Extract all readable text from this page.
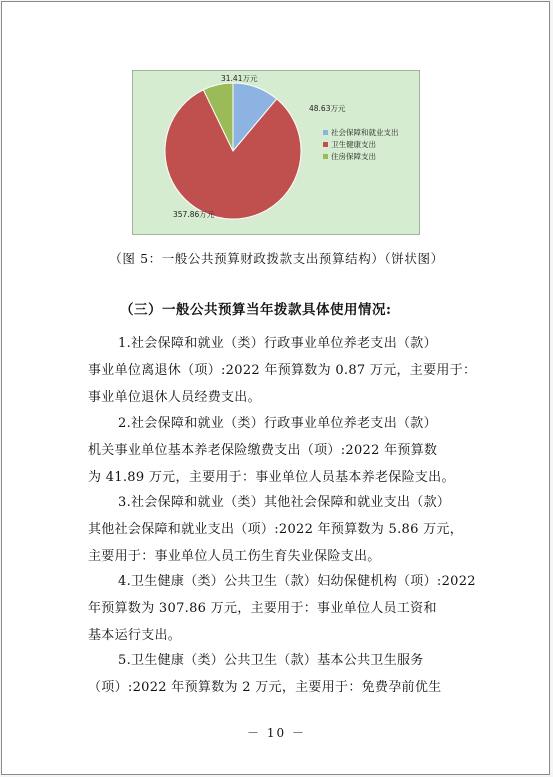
48.63万元
357.86万元
31.41万元
社会保障和就业支出
卫生健康支出
住房保障支出
（图 5：一般公共预算财政拨款支出预算结构）（饼状图）
（三）一般公共预算当年拨款具体使用情况:
1.社会保障和就业（类）行政事业单位养老支出（款）
事业单位离退休（项）:2022 年预算数为 0.87 万元，主要用于：
事业单位退休人员经费支出。
2.社会保障和就业（类）行政事业单位养老支出（款）
机关事业单位基本养老保险缴费支出（项）:2022 年预算数
为 41.89 万元，主要用于：事业单位人员基本养老保险支出。
3.社会保障和就业（类）其他社会保障和就业支出（款）
其他社会保障和就业支出（项）:2022 年预算数为 5.86 万元，
主要用于：事业单位人员工伤生育失业保险支出。
4.卫生健康（类）公共卫生（款）妇幼保健机构（项）:2022
年预算数为 307.86 万元，主要用于：事业单位人员工资和
基本运行支出。
5.卫生健康（类）公共卫生（款）基本公共卫生服务
（项）:2022 年预算数为 2 万元，主要用于：免费孕前优生
－ 10 －
